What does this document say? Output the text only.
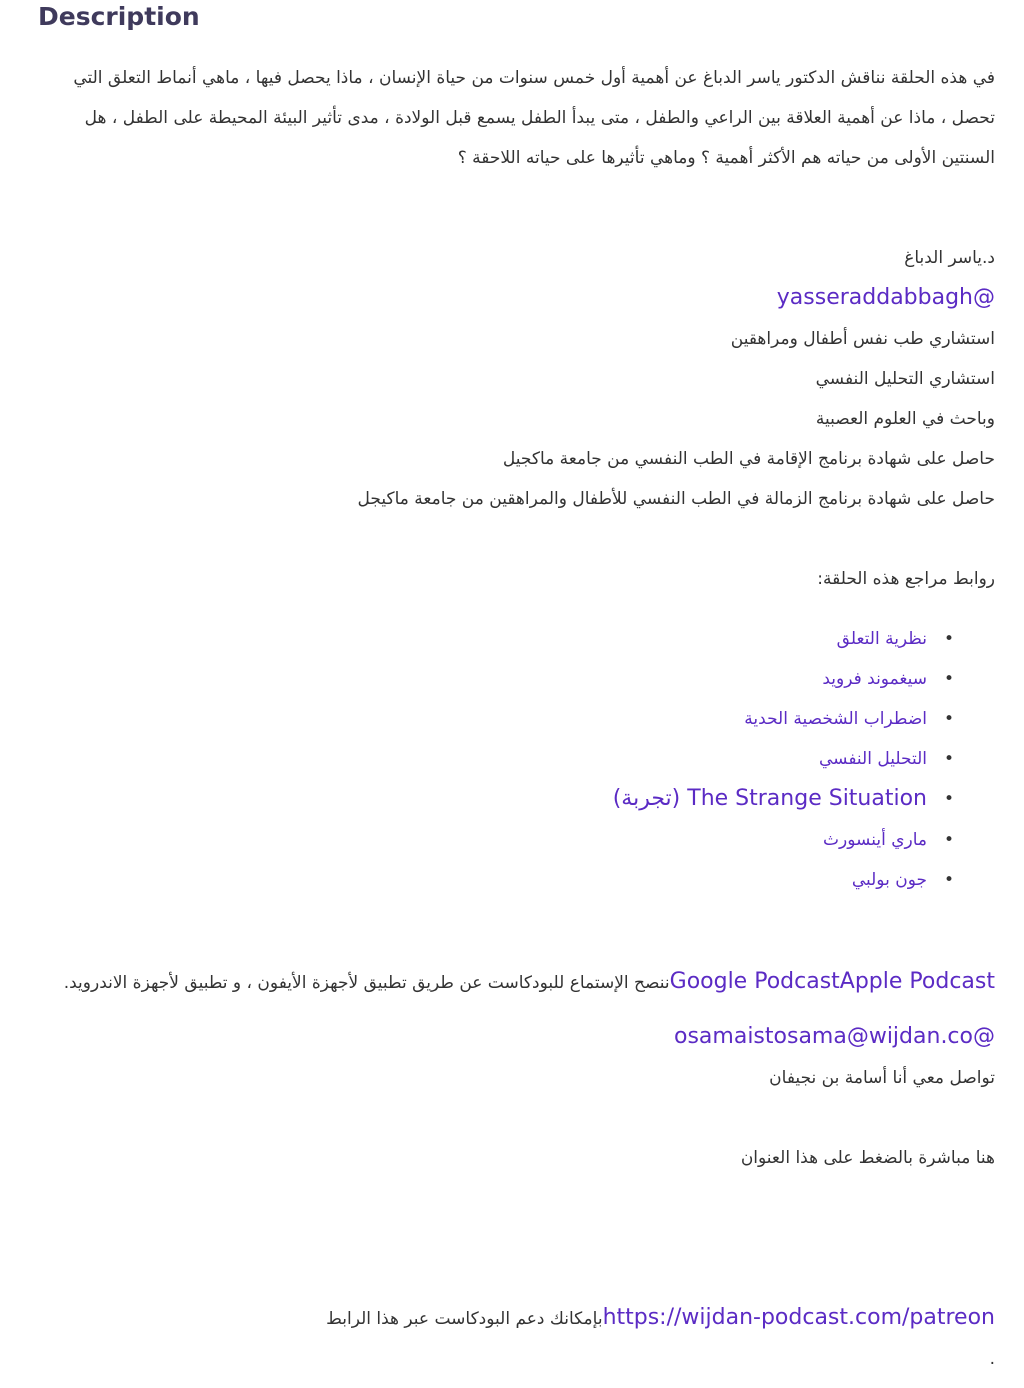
Description

في هذه الحلقة نناقش الدكتور ياسر الدباغ عن أهمية أول خمس سنوات من حياة الإنسان ، ماذا يحصل فيها ، ماهي أنماط التعلق التي تحصل ، ماذا عن أهمية العلاقة بين الراعي والطفل ، متى يبدأ الطفل يسمع قبل الولادة ، مدى تأثير البيئة المحيطة على الطفل ، هل السنتين الأولى من حياته هم الأكثر أهمية ؟ وماهي تأثيرها على حياته اللاحقة ؟

د.ياسر الدباغ

@yasseraddabbagh

استشاري طب نفس أطفال ومراهقين

استشاري التحليل النفسي

وباحث في العلوم العصبية

حاصل على شهادة برنامج الإقامة في الطب النفسي من جامعة ماكجيل

حاصل على شهادة برنامج الزمالة في الطب النفسي للأطفال والمراهقين من جامعة ماكيجل

روابط مراجع هذه الحلقة:

•
نظرية التعلق
•
سيغموند فرويد
•
اضطراب الشخصية الحدية
•
التحليل النفسي
•
The Strange Situation (تجربة)
•
ماري أينسورث
•
جون بولبي

Apple PodcastGoogle Podcastننصح الإستماع للبودكاست عن طريق تطبيق لأجهزة الأيفون ، و تطبيق لأجهزة الاندرويد.

@osamaistosama@wijdan.co

تواصل معي أنا أسامة بن نجيفان

هنا مباشرة بالضغط على هذا العنوان

https://wijdan-podcast.com/patreonبإمكانك دعم البودكاست عبر هذا الرابط

.
